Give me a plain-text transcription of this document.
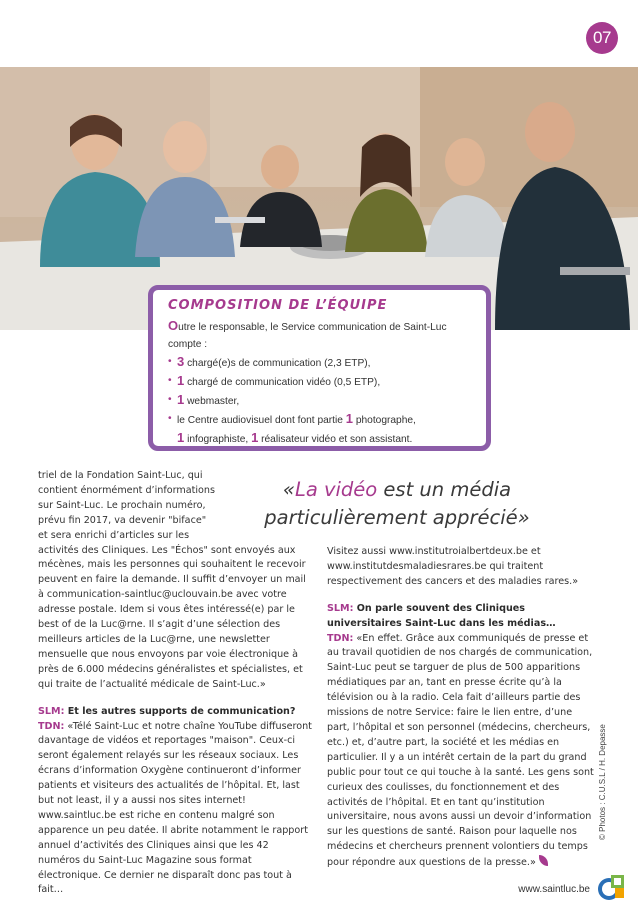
07
COMPOSITION DE L’ÉQUIPE
Outre le responsable, le Service communication de Saint-Luc
compte :
• 3 chargé(e)s de communication (2,3 ETP),
• 1 chargé de communication vidéo (0,5 ETP),
• 1 webmaster,
• le Centre audiovisuel dont font partie 1 photographe,
1 infographiste, 1 réalisateur vidéo et son assistant.
«La vidéo est un média particulièrement apprécié»

triel de la Fondation Saint-Luc, qui contient énormément d’informations sur Saint-Luc. Le prochain numéro, prévu fin 2017, va devenir "biface" et sera enrichi d’articles sur les
activités des Cliniques. Les "Échos" sont envoyés aux mécènes, mais les personnes qui souhaitent le recevoir peuvent en faire la demande. Il suffit d’envoyer un mail à communication-saintluc@uclouvain.be avec votre adresse postale. Idem si vous êtes intéressé(e) par le best of de la Luc@rne. Il s’agit d’une sélection des meilleurs articles de la Luc@rne, une newsletter mensuelle que nous envoyons par voie électronique à près de 6.000 médecins généralistes et spécialistes, et qui traite de l’actualité médicale de Saint-Luc.»

SLM: Et les autres supports de communication?
TDN: «Télé Saint-Luc et notre chaîne YouTube diffuseront davantage de vidéos et reportages "maison". Ceux-ci seront également relayés sur les réseaux sociaux. Les écrans d’information Oxygène continueront d’informer patients et visiteurs des actualités de l’hôpital. Et, last but not least, il y a aussi nos sites internet! www.saintluc.be est riche en contenu malgré son apparence un peu datée. Il abrite notamment le rapport annuel d’activités des Cliniques ainsi que les 42 numéros du Saint-Luc Magazine sous format électronique. Ce dernier ne disparaît donc pas tout à fait…

Visitez aussi www.institutroialbertdeux.be et www.institutdesmaladiesrares.be qui traitent respectivement des cancers et des maladies rares.»

SLM: On parle souvent des Cliniques universitaires Saint-Luc dans les médias…
TDN: «En effet. Grâce aux communiqués de presse et au travail quotidien de nos chargés de communication, Saint-Luc peut se targuer de plus de 500 apparitions médiatiques par an, tant en presse écrite qu’à la télévision ou à la radio. Cela fait d’ailleurs partie des missions de notre Service: faire le lien entre, d’une part, l’hôpital et son personnel (médecins, chercheurs, etc.) et, d’autre part, la société et les médias en particulier. Il y a un intérêt certain de la part du grand public pour tout ce qui touche à la santé. Les gens sont curieux des coulisses, du fonctionnement et des activités de l’hôpital. Et en tant qu’institution universitaire, nous avons aussi un devoir d’information sur les questions de santé. Raison pour laquelle nos médecins et chercheurs prennent volontiers du temps pour répondre aux questions de la presse.»

© Photos : C.U.S.L / H. Depasse
www.saintluc.be
